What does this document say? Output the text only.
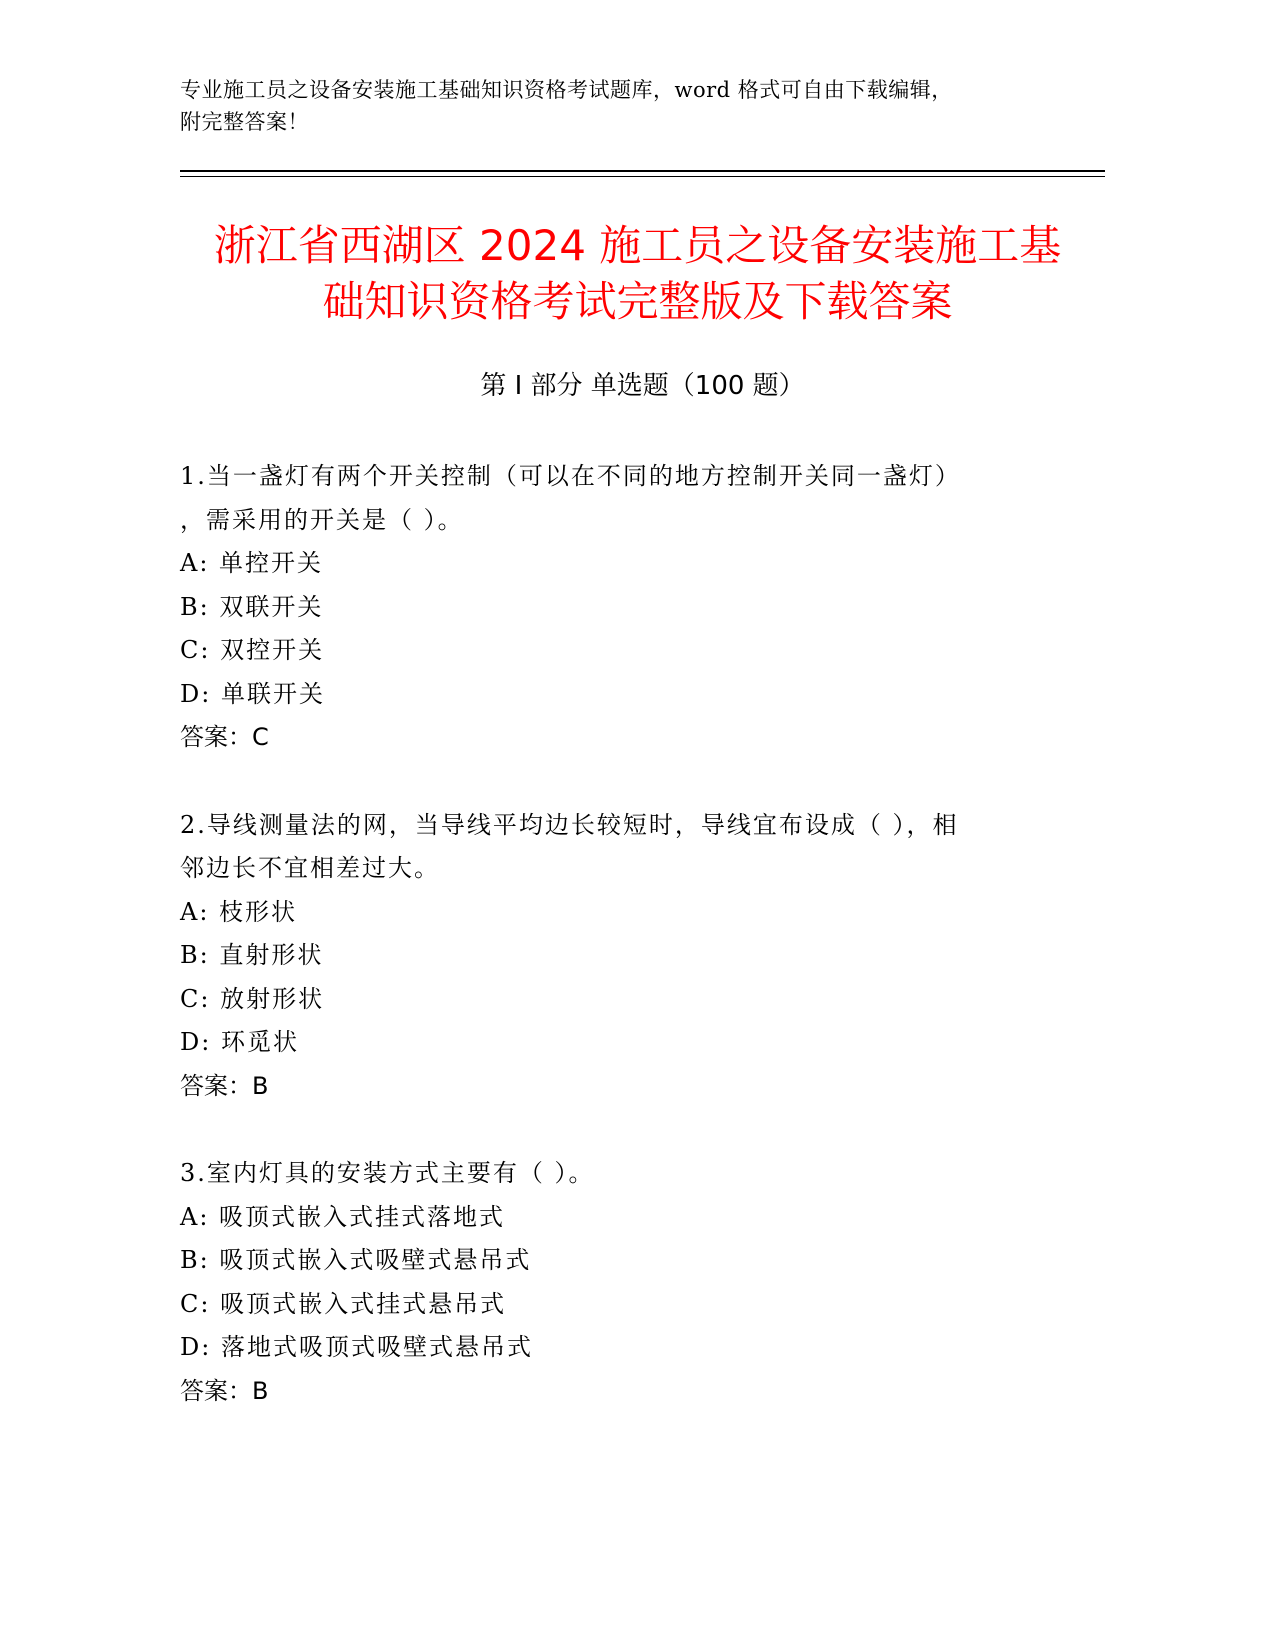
专业施工员之设备安装施工基础知识资格考试题库，word 格式可自由下载编辑，
附完整答案！
浙江省西湖区 2024 施工员之设备安装施工基
础知识资格考试完整版及下载答案
第 I 部分 单选题（100 题）
1.当一盏灯有两个开关控制（可以在不同的地方控制开关同一盏灯）
，需采用的开关是（ ）。
A: 单控开关
B: 双联开关
C: 双控开关
D: 单联开关
答案：C
2.导线测量法的网，当导线平均边长较短时，导线宜布设成（ ），相
邻边长不宜相差过大。
A: 枝形状
B: 直射形状
C: 放射形状
D: 环觅状
答案：B
3.室内灯具的安装方式主要有（ ）。
A: 吸顶式嵌入式挂式落地式
B: 吸顶式嵌入式吸壁式悬吊式
C: 吸顶式嵌入式挂式悬吊式
D: 落地式吸顶式吸壁式悬吊式
答案：B
